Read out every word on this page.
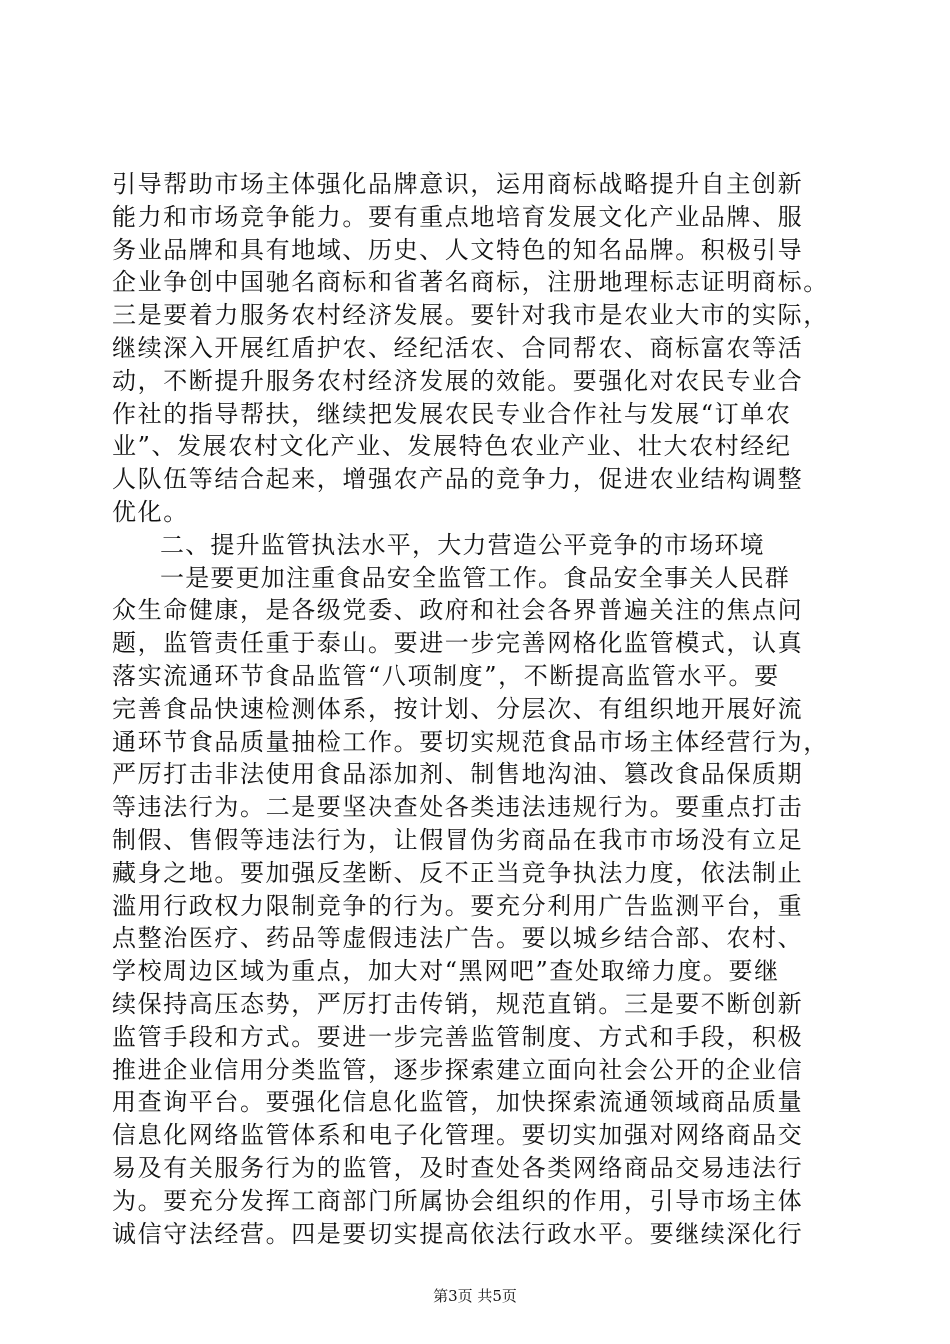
引导帮助市场主体强化品牌意识，运用商标战略提升自主创新
能力和市场竞争能力。要有重点地培育发展文化产业品牌、服
务业品牌和具有地域、历史、人文特色的知名品牌。积极引导
企业争创中国驰名商标和省著名商标，注册地理标志证明商标。
三是要着力服务农村经济发展。要针对我市是农业大市的实际，
继续深入开展红盾护农、经纪活农、合同帮农、商标富农等活
动，不断提升服务农村经济发展的效能。要强化对农民专业合
作社的指导帮扶，继续把发展农民专业合作社与发展“订单农
业”、发展农村文化产业、发展特色农业产业、壮大农村经纪
人队伍等结合起来，增强农产品的竞争力，促进农业结构调整
优化。
二、提升监管执法水平，大力营造公平竞争的市场环境
一是要更加注重食品安全监管工作。食品安全事关人民群
众生命健康，是各级党委、政府和社会各界普遍关注的焦点问
题，监管责任重于泰山。要进一步完善网格化监管模式，认真
落实流通环节食品监管“八项制度”，不断提高监管水平。要
完善食品快速检测体系，按计划、分层次、有组织地开展好流
通环节食品质量抽检工作。要切实规范食品市场主体经营行为，
严厉打击非法使用食品添加剂、制售地沟油、篡改食品保质期
等违法行为。二是要坚决查处各类违法违规行为。要重点打击
制假、售假等违法行为，让假冒伪劣商品在我市市场没有立足
藏身之地。要加强反垄断、反不正当竞争执法力度，依法制止
滥用行政权力限制竞争的行为。要充分利用广告监测平台，重
点整治医疗、药品等虚假违法广告。要以城乡结合部、农村、
学校周边区域为重点，加大对“黑网吧”查处取缔力度。要继
续保持高压态势，严厉打击传销，规范直销。三是要不断创新
监管手段和方式。要进一步完善监管制度、方式和手段，积极
推进企业信用分类监管，逐步探索建立面向社会公开的企业信
用查询平台。要强化信息化监管，加快探索流通领域商品质量
信息化网络监管体系和电子化管理。要切实加强对网络商品交
易及有关服务行为的监管，及时查处各类网络商品交易违法行
为。要充分发挥工商部门所属协会组织的作用，引导市场主体
诚信守法经营。四是要切实提高依法行政水平。要继续深化行
第3页 共5页
